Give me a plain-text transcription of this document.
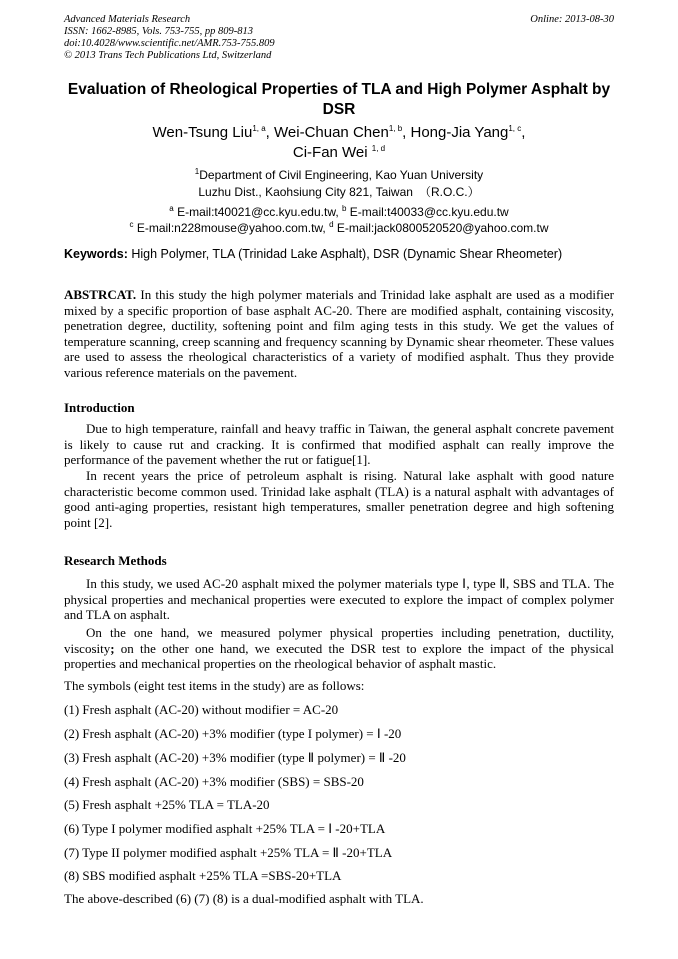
Advanced Materials Research
ISSN: 1662-8985, Vols. 753-755, pp 809-813
doi:10.4028/www.scientific.net/AMR.753-755.809
© 2013 Trans Tech Publications Ltd, Switzerland
Online: 2013-08-30
Evaluation of Rheological Properties of TLA and High Polymer Asphalt by DSR
Wen-Tsung Liu$^{1, a}$, Wei-Chuan Chen$^{1, b}$, Hong-Jia Yang$^{1, c}$,
Ci-Fan Wei $^{1, d}$
$^1$Department of Civil Engineering, Kao Yuan University
Luzhu Dist., Kaohsiung City 821, Taiwan　（R.O.C.）
$^a$ E-mail:t40021@cc.kyu.edu.tw, $^b$ E-mail:t40033@cc.kyu.edu.tw
$^c$ E-mail:n228mouse@yahoo.com.tw, $^d$ E-mail:jack0800520520@yahoo.com.tw
Keywords: High Polymer, TLA (Trinidad Lake Asphalt), DSR (Dynamic Shear Rheometer)
ABSTRCAT. In this study the high polymer materials and Trinidad lake asphalt are used as a modifier mixed by a specific proportion of base asphalt AC-20. There are modified asphalt, containing viscosity, penetration degree, ductility, softening point and film aging tests in this study. We get the values of temperature scanning, creep scanning and frequency scanning by Dynamic shear rheometer. These values are used to assess the rheological characteristics of a variety of modified asphalt. Thus they provide various reference materials on the pavement.
Introduction
Due to high temperature, rainfall and heavy traffic in Taiwan, the general asphalt concrete pavement is likely to cause rut and cracking. It is confirmed that modified asphalt can really improve the performance of the pavement whether the rut or fatigue[1].
In recent years the price of petroleum asphalt is rising. Natural lake asphalt with good nature characteristic become common used. Trinidad lake asphalt (TLA) is a natural asphalt with advantages of good anti-aging properties, resistant high temperatures, smaller penetration degree and high softening point [2].
Research Methods
In this study, we used AC-20 asphalt mixed the polymer materials type Ⅰ, type Ⅱ, SBS and TLA. The physical properties and mechanical properties were executed to explore the impact of complex polymer and TLA on asphalt.
On the one hand, we measured polymer physical properties including penetration, ductility, viscosity; on the other one hand, we executed the DSR test to explore the impact of the physical properties and mechanical properties on the rheological behavior of asphalt mastic.
The symbols (eight test items in the study) are as follows:
(1) Fresh asphalt (AC-20) without modifier = AC-20
(2) Fresh asphalt (AC-20) +3% modifier (type I polymer) = Ⅰ -20
(3) Fresh asphalt (AC-20) +3% modifier (type Ⅱ polymer) = Ⅱ -20
(4) Fresh asphalt (AC-20) +3% modifier (SBS) = SBS-20
(5) Fresh asphalt +25% TLA = TLA-20
(6) Type I polymer modified asphalt +25% TLA = Ⅰ -20+TLA
(7) Type II polymer modified asphalt +25% TLA = Ⅱ -20+TLA
(8) SBS modified asphalt +25% TLA =SBS-20+TLA
The above-described (6) (7) (8) is a dual-modified asphalt with TLA.
